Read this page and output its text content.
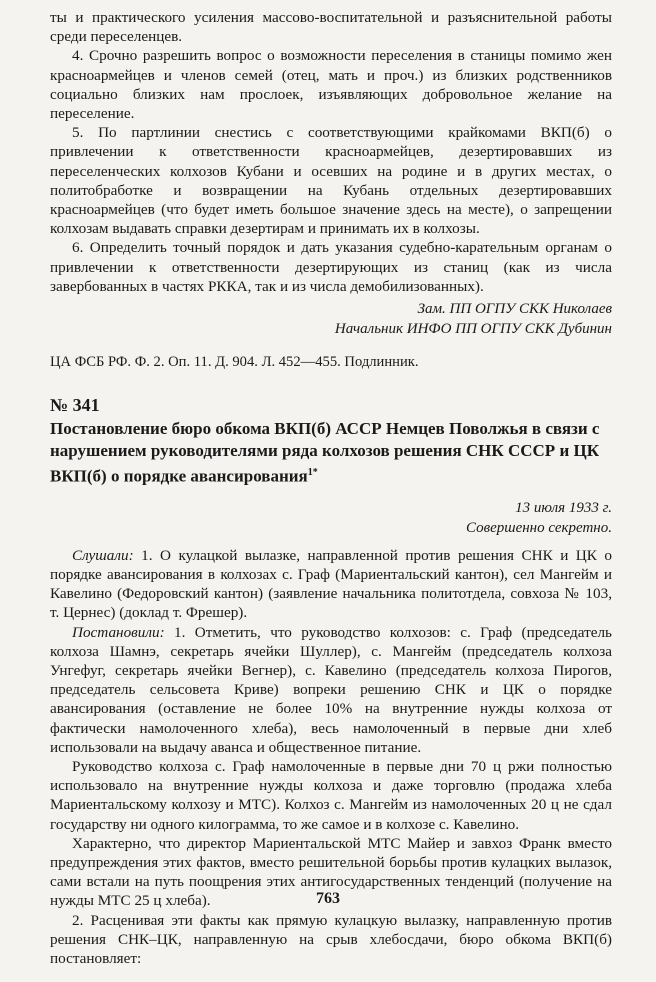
ты и практического усиления массово-воспитательной и разъяснительной работы среди переселенцев.

4. Срочно разрешить вопрос о возможности переселения в станицы помимо жен красноармейцев и членов семей (отец, мать и проч.) из близких родственников социально близких нам прослоек, изъявляющих добровольное желание на переселение.

5. По партлинии снестись с соответствующими крайкомами ВКП(б) о привлечении к ответственности красноармейцев, дезертировавших из переселенческих колхозов Кубани и осевших на родине и в других местах, о политобработке и возвращении на Кубань отдельных дезертировавших красноармейцев (что будет иметь большое значение здесь на месте), о запрещении колхозам выдавать справки дезертирам и принимать их в колхозы.

6. Определить точный порядок и дать указания судебно-карательным органам о привлечении к ответственности дезертирующих из станиц (как из числа завербованных в частях РККА, так и из числа демобилизованных).

Зам. ПП ОГПУ СКК Николаев

Начальник ИНФО ПП ОГПУ СКК Дубинин

ЦА ФСБ РФ. Ф. 2. Оп. 11. Д. 904. Л. 452—455. Подлинник.

№ 341

Постановление бюро обкома ВКП(б) АССР Немцев Поволжья в связи с нарушением руководителями ряда колхозов решения СНК СССР и ЦК ВКП(б) о порядке авансирования$^{1*}$

13 июля 1933 г.

Совершенно секретно.

Слушали: 1. О кулацкой вылазке, направленной против решения СНК и ЦК о порядке авансирования в колхозах с. Граф (Мариентальский кантон), сел Мангейм и Кавелино (Федоровский кантон) (заявление начальника политотдела, совхоза № 103, т. Цернес) (доклад т. Фрешер).

Постановили: 1. Отметить, что руководство колхозов: с. Граф (председатель колхоза Шамнэ, секретарь ячейки Шуллер), с. Мангейм (председатель колхоза Унгефуг, секретарь ячейки Вегнер), с. Кавелино (председатель колхоза Пирогов, председатель сельсовета Криве) вопреки решению СНК и ЦК о порядке авансирования (оставление не более 10% на внутренние нужды колхоза от фактически намолоченного хлеба), весь намолоченный в первые дни хлеб использовали на выдачу аванса и общественное питание.

Руководство колхоза с. Граф намолоченные в первые дни 70 ц ржи полностью использовало на внутренние нужды колхоза и даже торговлю (продажа хлеба Мариентальскому колхозу и МТС). Колхоз с. Мангейм из намолоченных 20 ц не сдал государству ни одного килограмма, то же самое и в колхозе с. Кавелино.

Характерно, что директор Мариентальской МТС Майер и завхоз Франк вместо предупреждения этих фактов, вместо решительной борьбы против кулацких вылазок, сами встали на путь поощрения этих антигосударственных тенденций (получение на нужды МТС 25 ц хлеба).

2. Расценивая эти факты как прямую кулацкую вылазку, направленную против решения СНК–ЦК, направленную на срыв хлебосдачи, бюро обкома ВКП(б) постановляет:

763
